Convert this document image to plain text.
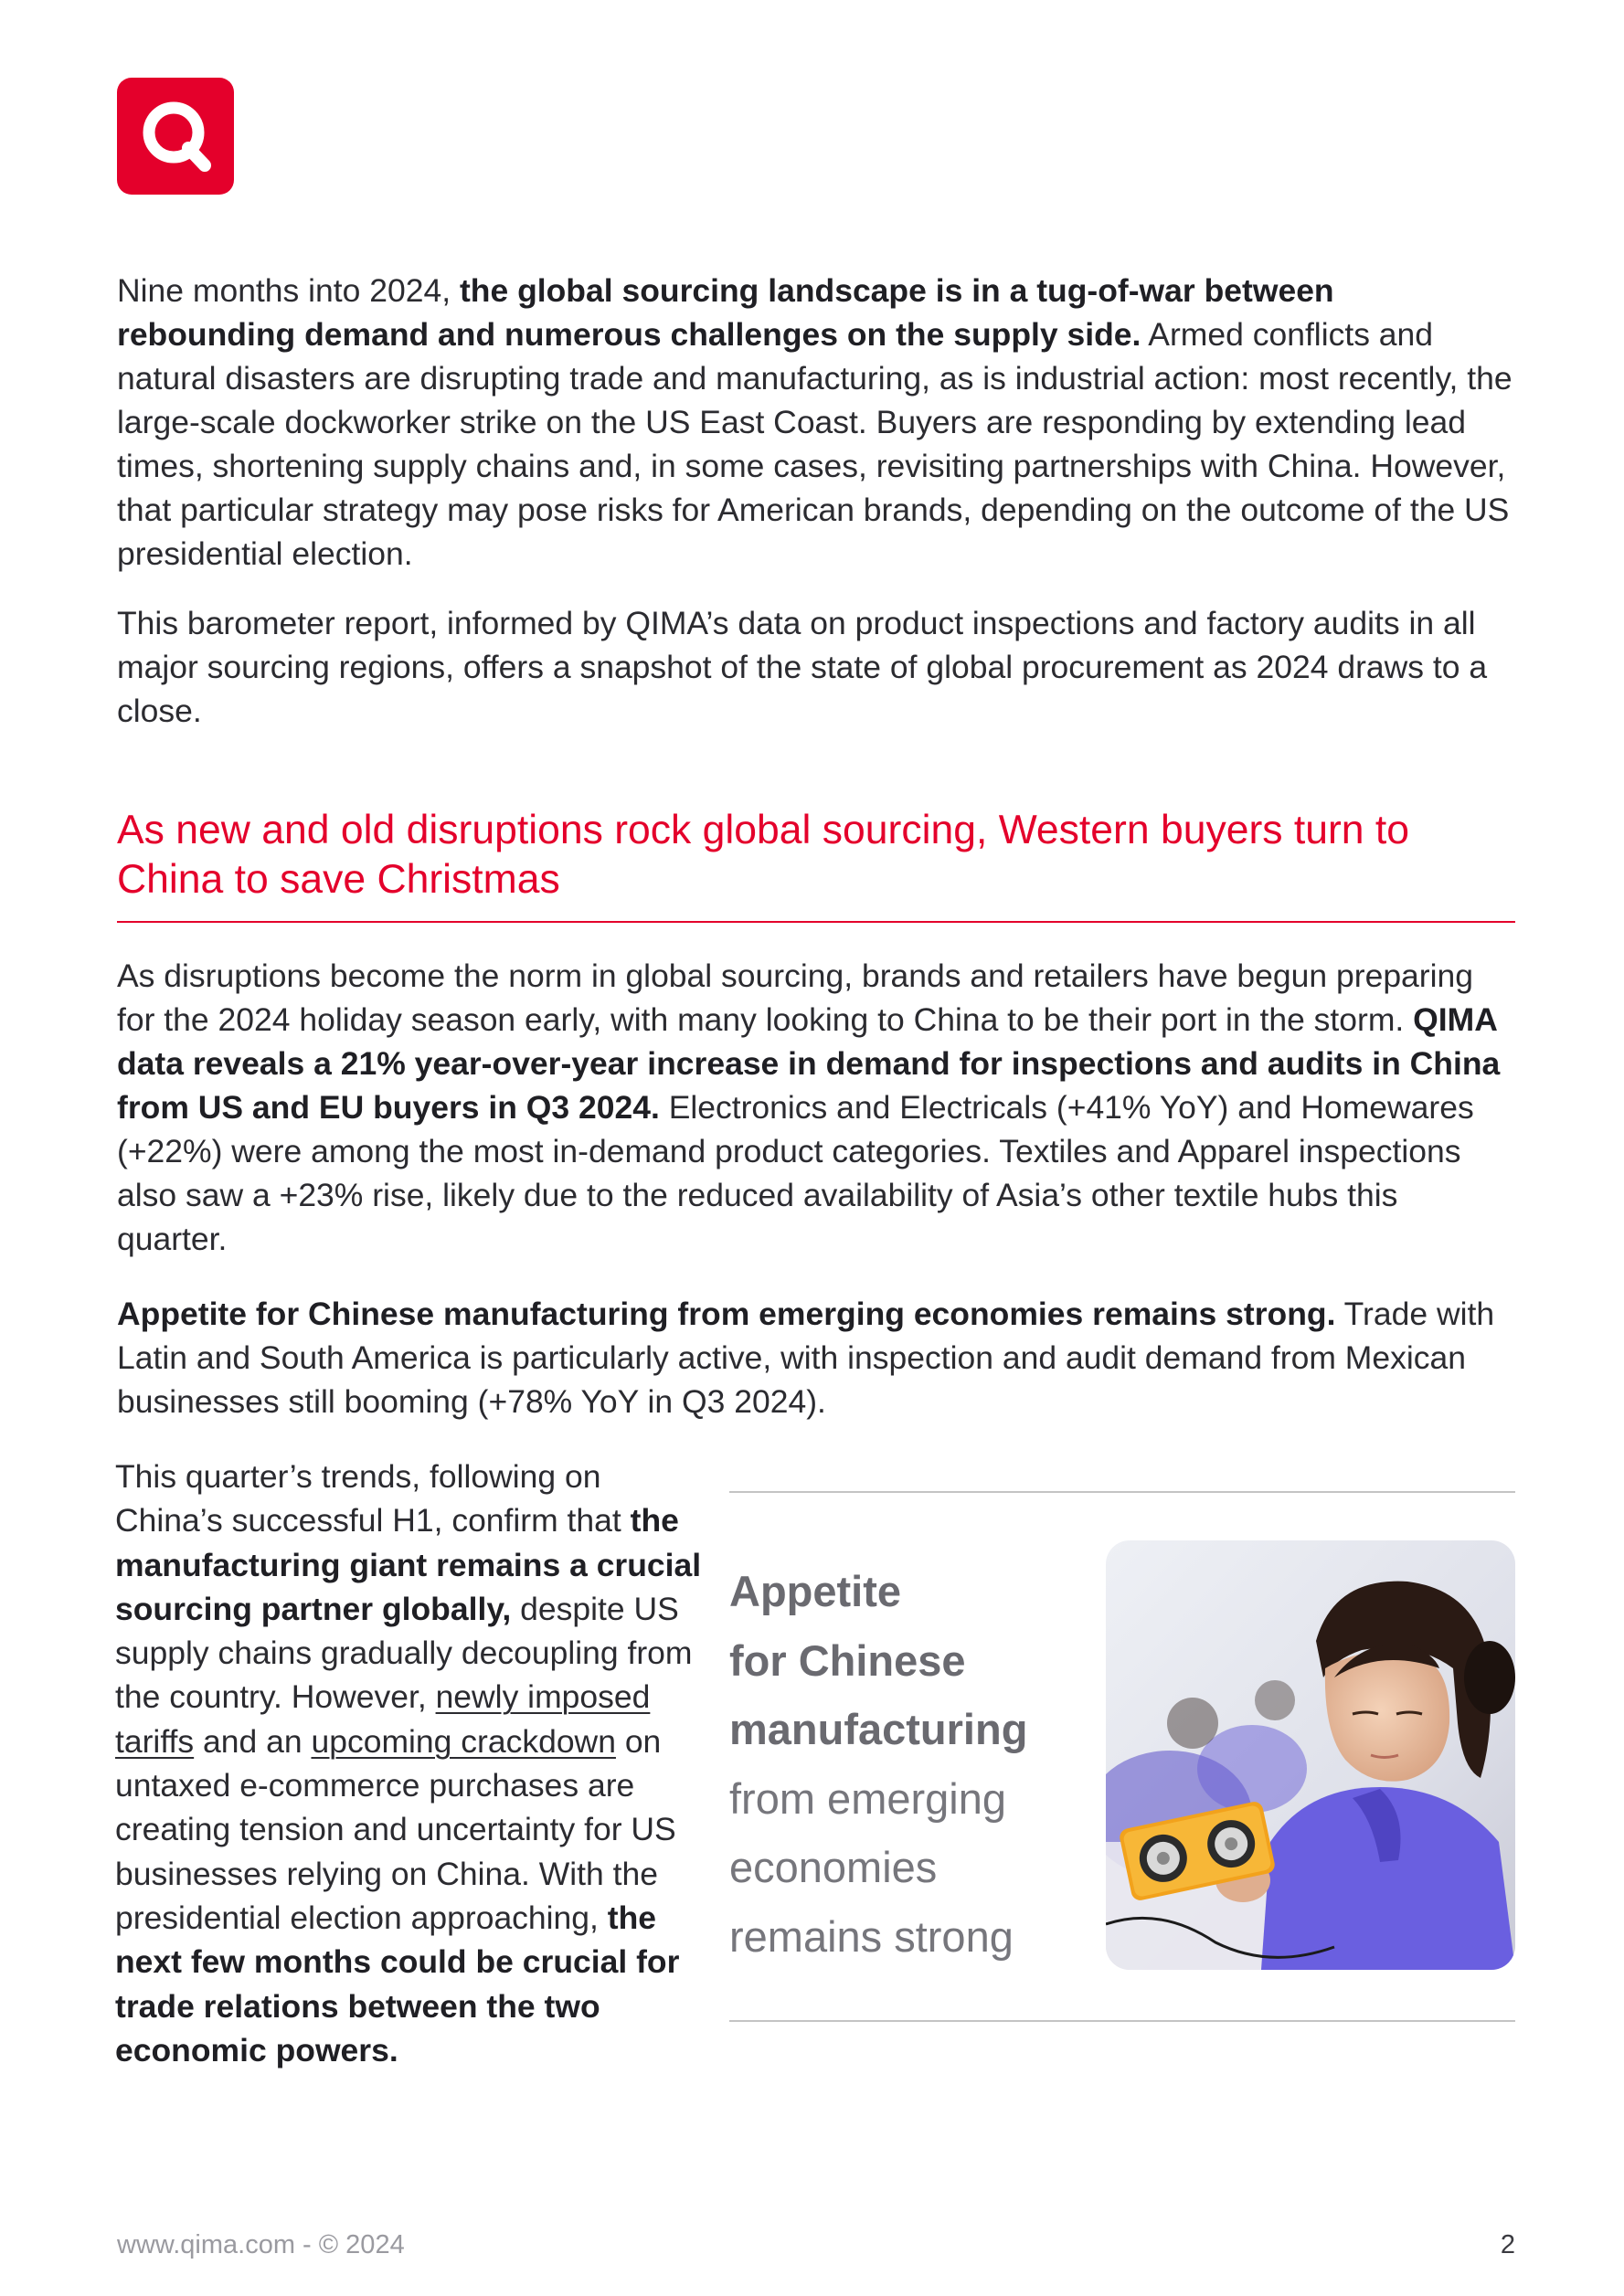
Nine months into 2024, the global sourcing landscape is in a tug-of-war between rebounding demand and numerous challenges on the supply side. Armed conflicts and natural disasters are disrupting trade and manufacturing, as is industrial action: most recently, the large-scale dockworker strike on the US East Coast. Buyers are responding by extending lead times, shortening supply chains and, in some cases, revisiting partnerships with China. However, that particular strategy may pose risks for American brands, depending on the outcome of the US presidential election.

This barometer report, informed by QIMA’s data on product inspections and factory audits in all major sourcing regions, offers a snapshot of the state of global procurement as 2024 draws to a close.

As new and old disruptions rock global sourcing, Western buyers turn to China to save Christmas

As disruptions become the norm in global sourcing, brands and retailers have begun preparing for the 2024 holiday season early, with many looking to China to be their port in the storm. QIMA data reveals a 21% year-over-year increase in demand for inspections and audits in China from US and EU buyers in Q3 2024. Electronics and Electricals (+41% YoY) and Homewares (+22%) were among the most in-demand product categories. Textiles and Apparel inspections also saw a +23% rise, likely due to the reduced availability of Asia’s other textile hubs this quarter.

Appetite for Chinese manufacturing from emerging economies remains strong. Trade with Latin and South America is particularly active, with inspection and audit demand from Mexican businesses still booming (+78% YoY in Q3 2024).

This quarter’s trends, following on China’s successful H1, confirm that the manufacturing giant remains a crucial sourcing partner globally, despite US supply chains gradually decoupling from the country. However, newly imposed tariffs and an upcoming crackdown on untaxed e-commerce purchases are creating tension and uncertainty for US businesses relying on China. With the presidential election approaching, the next few months could be crucial for trade relations between the two economic powers.

Appetite
for Chinese
manufacturing
from emerging
economies
remains strong
www.qima.com - © 2024	2
